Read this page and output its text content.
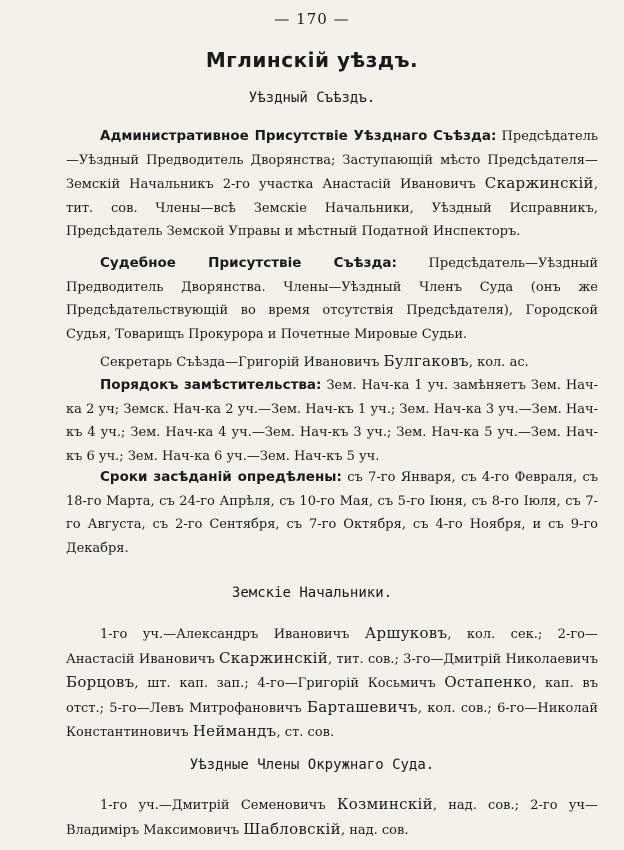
— 170 —
Мглинскій уѣздъ.
Уѣздный Съѣздъ.
Административное Присутствіе Уѣзднаго Съѣзда: Предсѣдатель—Уѣздный Предводитель Дворянства; Заступающій мѣсто Предсѣдателя—Земскій Начальникъ 2-го участка Анастасій Ивановичъ Скаржинскій, тит. сов. Члены—всѣ Земскіе Начальники, Уѣздный Исправникъ, Предсѣдатель Земской Управы и мѣстный Податной Инспекторъ.
Судебное Присутствіе Съѣзда: Предсѣдатель—Уѣздный Предводитель Дворянства. Члены—Уѣздный Членъ Суда (онъ же Предсѣдательствующій во время отсутствія Предсѣдателя), Городской Судья, Товарищъ Прокурора и Почетные Мировые Судьи.
Секретарь Съѣзда—Григорій Ивановичъ Булгаковъ, кол. ас.
Порядокъ замѣстительства: Зем. Нач-ка 1 уч. замѣняетъ Зем. Нач-ка 2 уч; Земск. Нач-ка 2 уч.—Зем. Нач-къ 1 уч.; Зем. Нач-ка 3 уч.—Зем. Нач-къ 4 уч.; Зем. Нач-ка 4 уч.—Зем. Нач-къ 3 уч.; Зем. Нач-ка 5 уч.—Зем. Нач-къ 6 уч.; Зем. Нач-ка 6 уч.—Зем. Нач-къ 5 уч.
Сроки засѣданій опредѣлены: съ 7-го Января, съ 4-го Февраля, съ 18-го Марта, съ 24-го Апрѣля, съ 10-го Мая, съ 5-го Іюня, съ 8-го Іюля, съ 7-го Августа, съ 2-го Сентября, съ 7-го Октября, съ 4-го Ноября, и съ 9-го Декабря.
Земскіе Начальники.
1-го уч.—Александръ Ивановичъ Аршуковъ, кол. сек.; 2-го—Анастасій Ивановичъ Скаржинскій, тит. сов.; 3-го—Дмитрій Николаевичъ Борцовъ, шт. кап. зап.; 4-го—Григорій Косьмичъ Остапенко, кап. въ отст.; 5-го—Левъ Митрофановичъ Барташевичъ, кол. сов.; 6-го—Николай Константиновичъ Неймандъ, ст. сов.
Уѣздные Члены Окружнаго Суда.
1-го уч.—Дмитрій Семеновичъ Козминскій, над. сов.; 2-го уч—Владиміръ Максимовичъ Шабловскій, над. сов.
